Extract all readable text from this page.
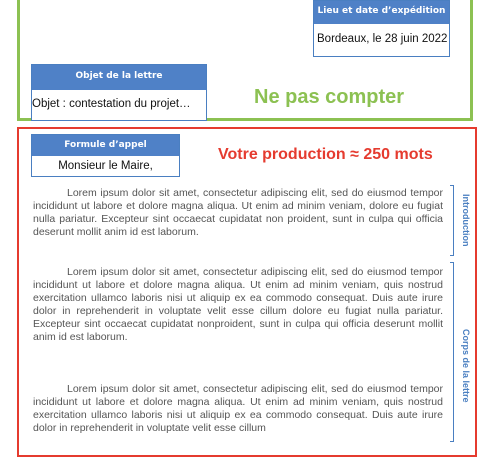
Lieu et date d’expédition
Bordeaux, le 28 juin 2022
Objet de la lettre
Objet : contestation du projet…	Ne pas compter
Formule d’appel
Monsieur le Maire,
Votre production ≈ 250 mots

Lorem ipsum dolor sit amet, consectetur adipiscing elit, sed do eiusmod tempor incididunt ut labore et dolore magna aliqua. Ut enim ad minim veniam, dolore eu fugiat nulla pariatur. Excepteur sint occaecat cupidatat non proident, sunt in culpa qui officia deserunt mollit anim id est laborum.

Lorem ipsum dolor sit amet, consectetur adipiscing elit, sed do eiusmod tempor incididunt ut labore et dolore magna aliqua. Ut enim ad minim veniam, quis nostrud exercitation ullamco laboris nisi ut aliquip ex ea commodo consequat. Duis aute irure dolor in reprehenderit in voluptate velit esse cillum dolore eu fugiat nulla pariatur. Excepteur sint occaecat cupidatat nonproident, sunt in culpa qui officia deserunt mollit anim id est laborum.

Lorem ipsum dolor sit amet, consectetur adipiscing elit, sed do eiusmod tempor incididunt ut labore et dolore magna aliqua. Ut enim ad minim veniam, quis nostrud exercitation ullamco laboris nisi ut aliquip ex ea commodo consequat. Duis aute irure dolor in reprehenderit in voluptate velit esse cillum

Introduction
Corps de la lettre
